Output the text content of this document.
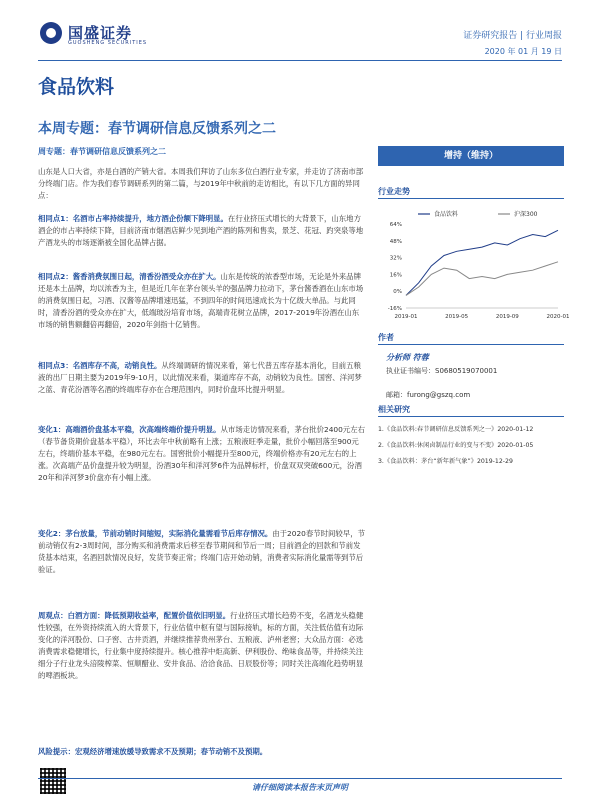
国盛证券
GUOSHENG SECURITIES
证券研究报告 | 行业周报
2020 年 01 月 19 日
食品饮料
本周专题：春节调研信息反馈系列之二
周专题：春节调研信息反馈系列之二
山东是人口大省，亦是白酒的产销大省。本周我们拜访了山东多位白酒行业专家，并走访了济南市部分终端门店。作为我们春节调研系列的第二篇，与2019年中秋前的走访相比，有以下几方面的异同点：
相同点1：名酒市占率持续提升，地方酒企份额下降明显。在行业挤压式增长的大背景下，山东地方酒企的市占率持续下降，目前济南市烟酒店鲜少见到地产酒的陈列和售卖，景芝、花冠、趵突泉等地产酒龙头的市场逐渐被全国化品牌占据。
相同点2：酱香消费氛围日起，清香汾酒受众亦在扩大。山东是传统的浓香型市场，无论是外来品牌还是本土品牌，均以浓香为主，但是近几年在茅台领头羊的强品牌力拉动下，茅台酱香酒在山东市场的消费氛围日起，习酒、汉酱等品牌增速迅猛，不到四年的时间迅速成长为十亿级大单品。与此同时，清香汾酒的受众亦在扩大，低端玻汾培育市场，高端青花树立品牌，2017-2019年汾酒在山东市场的销售额翻倍再翻倍，2020年剑指十亿销售。
相同点3：名酒库存不高，动销良性。从终端调研的情况来看，第七代普五库存基本消化，目前五粮液的出厂日期主要为2019年9-10月，以此情况来看，渠道库存不高，动销较为良性。国窖、洋河梦之蓝、青花汾酒等名酒的终端库存亦在合理范围内，同时价盘环比提升明显。
变化1：高端酒价盘基本平稳，次高端终端价提升明显。从市场走访情况来看，茅台批价2400元左右（春节备货期价盘基本平稳），环比去年中秋前略有上涨；五粮液旺季走量，批价小幅回落至900元左右，终端价基本平稳，在980元左右。国窖批价小幅提升至800元，终端价格亦有20元左右的上涨。次高端产品价盘提升较为明显，汾酒30年和洋河梦6件为品牌标杆，价盘双双突破600元，汾酒20年和洋河梦3价盘亦有小幅上涨。
变化2：茅台放量，节前动销时间缩短，实际消化量需看节后库存情况。由于2020春节时间较早，节前动销仅有2-3周时间，部分购买和消费需求后移至春节期间和节后一周；目前酒企的回款和节前发货基本结束，名酒回款情况良好，发货节奏正常；终端门店开始动销，消费者实际消化量需等到节后验证。
周观点：白酒方面：降低预期收益率，配置价值依旧明显。行业挤压式增长趋势不变，名酒龙头稳健性较强，在外资持续流入的大背景下，行业估值中枢有望与国际接轨，标的方面，关注低估值有边际变化的洋河股份、口子窖、古井贡酒，并继续推荐贵州茅台、五粮液、泸州老窖；大众品方面：必选消费需求稳健增长，行业集中度持续提升。核心推荐中炬高新、伊利股份、绝味食品等，并持续关注细分子行业龙头涪陵榨菜、恒顺醋业、安井食品、洽洽食品、日辰股份等；同时关注高端化趋势明显的啤酒板块。
风险提示：宏观经济增速放缓导致需求不及预期；春节动销不及预期。
增持（维持）
行业走势
-16%
0%
16%
32%
48%
64%
2019-01	2019-05	2019-09	2020-01
食品饮料	沪深300
作者
分析师 符蓉
执业证书编号：S0680519070001
邮箱：furong@gszq.com
相关研究
1.《食品饮料:春节调研信息反馈系列之一》2020-01-12
2.《食品饮料:休闲卤制品行业的变与不变》2020-01-05
3.《食品饮料：茅台“新年新气象”》2019-12-29
请仔细阅读本报告末页声明
